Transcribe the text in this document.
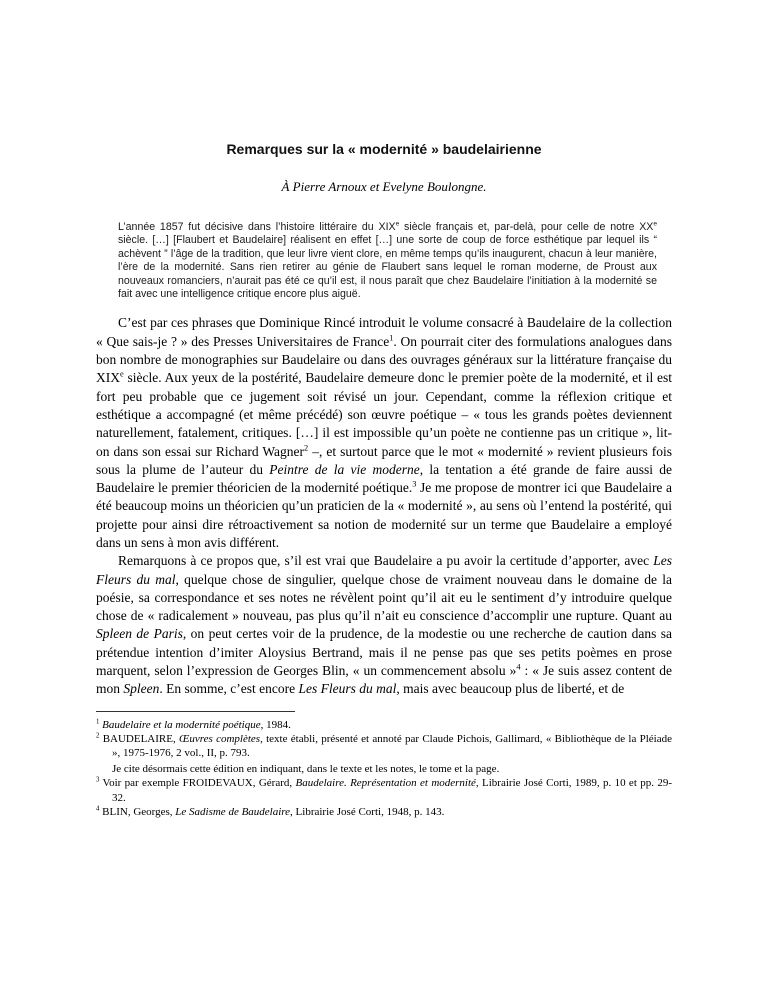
Remarques sur la « modernité » baudelairienne

À Pierre Arnoux et Evelyne Boulongne.

L’année 1857 fut décisive dans l’histoire littéraire du XIXe siècle français et, par-delà, pour celle de notre XXe siècle. […] [Flaubert et Baudelaire] réalisent en effet […] une sorte de coup de force esthétique par lequel ils “ achèvent ” l’âge de la tradition, que leur livre vient clore, en même temps qu’ils inaugurent, chacun à leur manière, l’ère de la modernité. Sans rien retirer au génie de Flaubert sans lequel le roman moderne, de Proust aux nouveaux romanciers, n’aurait pas été ce qu’il est, il nous paraît que chez Baudelaire l’initiation à la modernité se fait avec une intelligence critique encore plus aiguë.

C’est par ces phrases que Dominique Rincé introduit le volume consacré à Baudelaire de la collection « Que sais-je ? » des Presses Universitaires de France$^1$. On pourrait citer des formulations analogues dans bon nombre de monographies sur Baudelaire ou dans des ouvrages généraux sur la littérature française du XIXe siècle. Aux yeux de la postérité, Baudelaire demeure donc le premier poète de la modernité, et il est fort peu probable que ce jugement soit révisé un jour. Cependant, comme la réflexion critique et esthétique a accompagné (et même précédé) son œuvre poétique – « tous les grands poètes deviennent naturellement, fatalement, critiques. […] il est impossible qu’un poète ne contienne pas un critique », lit-on dans son essai sur Richard Wagner$^2$ –, et surtout parce que le mot « modernité » revient plusieurs fois sous la plume de l’auteur du Peintre de la vie moderne, la tentation a été grande de faire aussi de Baudelaire le premier théoricien de la modernité poétique.$^3$ Je me propose de montrer ici que Baudelaire a été beaucoup moins un théoricien qu’un praticien de la « modernité », au sens où l’entend la postérité, qui projette pour ainsi dire rétroactivement sa notion de modernité sur un terme que Baudelaire a employé dans un sens à mon avis différent.

Remarquons à ce propos que, s’il est vrai que Baudelaire a pu avoir la certitude d’apporter, avec Les Fleurs du mal, quelque chose de singulier, quelque chose de vraiment nouveau dans le domaine de la poésie, sa correspondance et ses notes ne révèlent point qu’il ait eu le sentiment d’y introduire quelque chose de « radicalement » nouveau, pas plus qu’il n’ait eu conscience d’accomplir une rupture. Quant au Spleen de Paris, on peut certes voir de la prudence, de la modestie ou une recherche de caution dans sa prétendue intention d’imiter Aloysius Bertrand, mais il ne pense pas que ses petits poèmes en prose marquent, selon l’expression de Georges Blin, « un commencement absolu »$^4$ : « Je suis assez content de mon Spleen. En somme, c’est encore Les Fleurs du mal, mais avec beaucoup plus de liberté, et de

$^1$ Baudelaire et la modernité poétique, 1984.

$^2$ BAUDELAIRE, Œuvres complètes, texte établi, présenté et annoté par Claude Pichois, Gallimard, « Bibliothèque de la Pléiade », 1975-1976, 2 vol., II, p. 793.

Je cite désormais cette édition en indiquant, dans le texte et les notes, le tome et la page.

$^3$ Voir par exemple FROIDEVAUX, Gérard, Baudelaire. Représentation et modernité, Librairie José Corti, 1989, p. 10 et pp. 29-32.

$^4$ BLIN, Georges, Le Sadisme de Baudelaire, Librairie José Corti, 1948, p. 143.
